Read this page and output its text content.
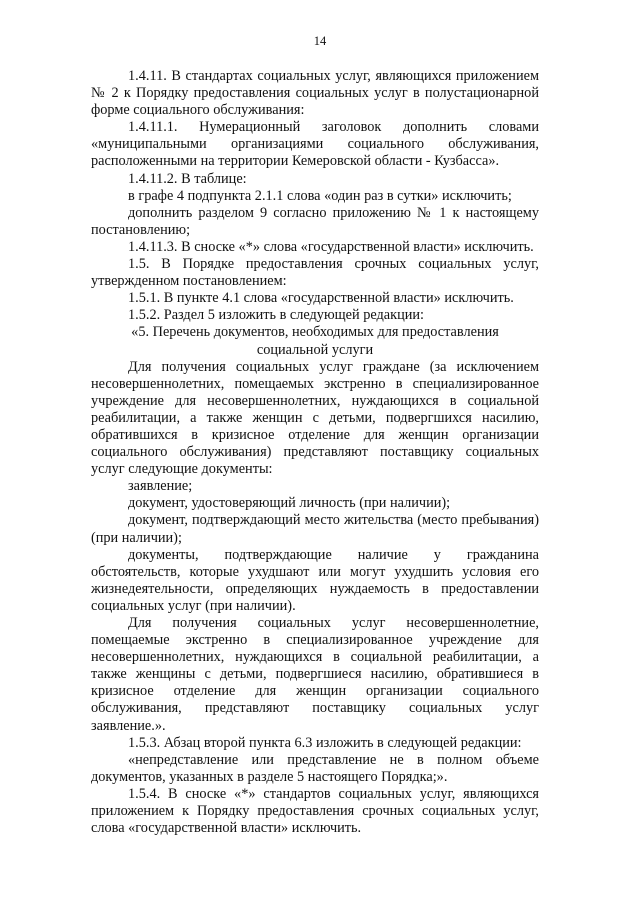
14

1.4.11. В стандартах социальных услуг, являющихся приложением № 2 к Порядку предоставления социальных услуг в полустационарной форме социального обслуживания:

1.4.11.1. Нумерационный заголовок дополнить словами «муниципальными организациями социального обслуживания, расположенными на территории Кемеровской области - Кузбасса».

1.4.11.2. В таблице:

в графе 4 подпункта 2.1.1 слова «один раз в сутки» исключить;

дополнить разделом 9 согласно приложению № 1 к настоящему постановлению;

1.4.11.3. В сноске «*» слова «государственной власти» исключить.

1.5. В Порядке предоставления срочных социальных услуг, утвержденном постановлением:

1.5.1. В пункте 4.1 слова «государственной власти» исключить.

1.5.2. Раздел 5 изложить в следующей редакции:

«5. Перечень документов, необходимых для предоставления

социальной услуги

Для получения социальных услуг граждане (за исключением несовершеннолетних, помещаемых экстренно в специализированное учреждение для несовершеннолетних, нуждающихся в социальной реабилитации, а также женщин с детьми, подвергшихся насилию, обратившихся в кризисное отделение для женщин организации социального обслуживания) представляют поставщику социальных услуг следующие документы:

заявление;

документ, удостоверяющий личность (при наличии);

документ, подтверждающий место жительства (место пребывания) (при наличии);

документы, подтверждающие наличие у гражданина обстоятельств, которые ухудшают или могут ухудшить условия его жизнедеятельности, определяющих нуждаемость в предоставлении социальных услуг (при наличии).

Для получения социальных услуг несовершеннолетние, помещаемые экстренно в специализированное учреждение для несовершеннолетних, нуждающихся в социальной реабилитации, а также женщины с детьми, подвергшиеся насилию, обратившиеся в кризисное отделение для женщин организации социального обслуживания, представляют поставщику социальных услуг заявление.».

1.5.3. Абзац второй пункта 6.3 изложить в следующей редакции:

«непредставление или представление не в полном объеме документов, указанных в разделе 5 настоящего Порядка;».

1.5.4. В сноске «*» стандартов социальных услуг, являющихся приложением к Порядку предоставления срочных социальных услуг, слова «государственной власти» исключить.
